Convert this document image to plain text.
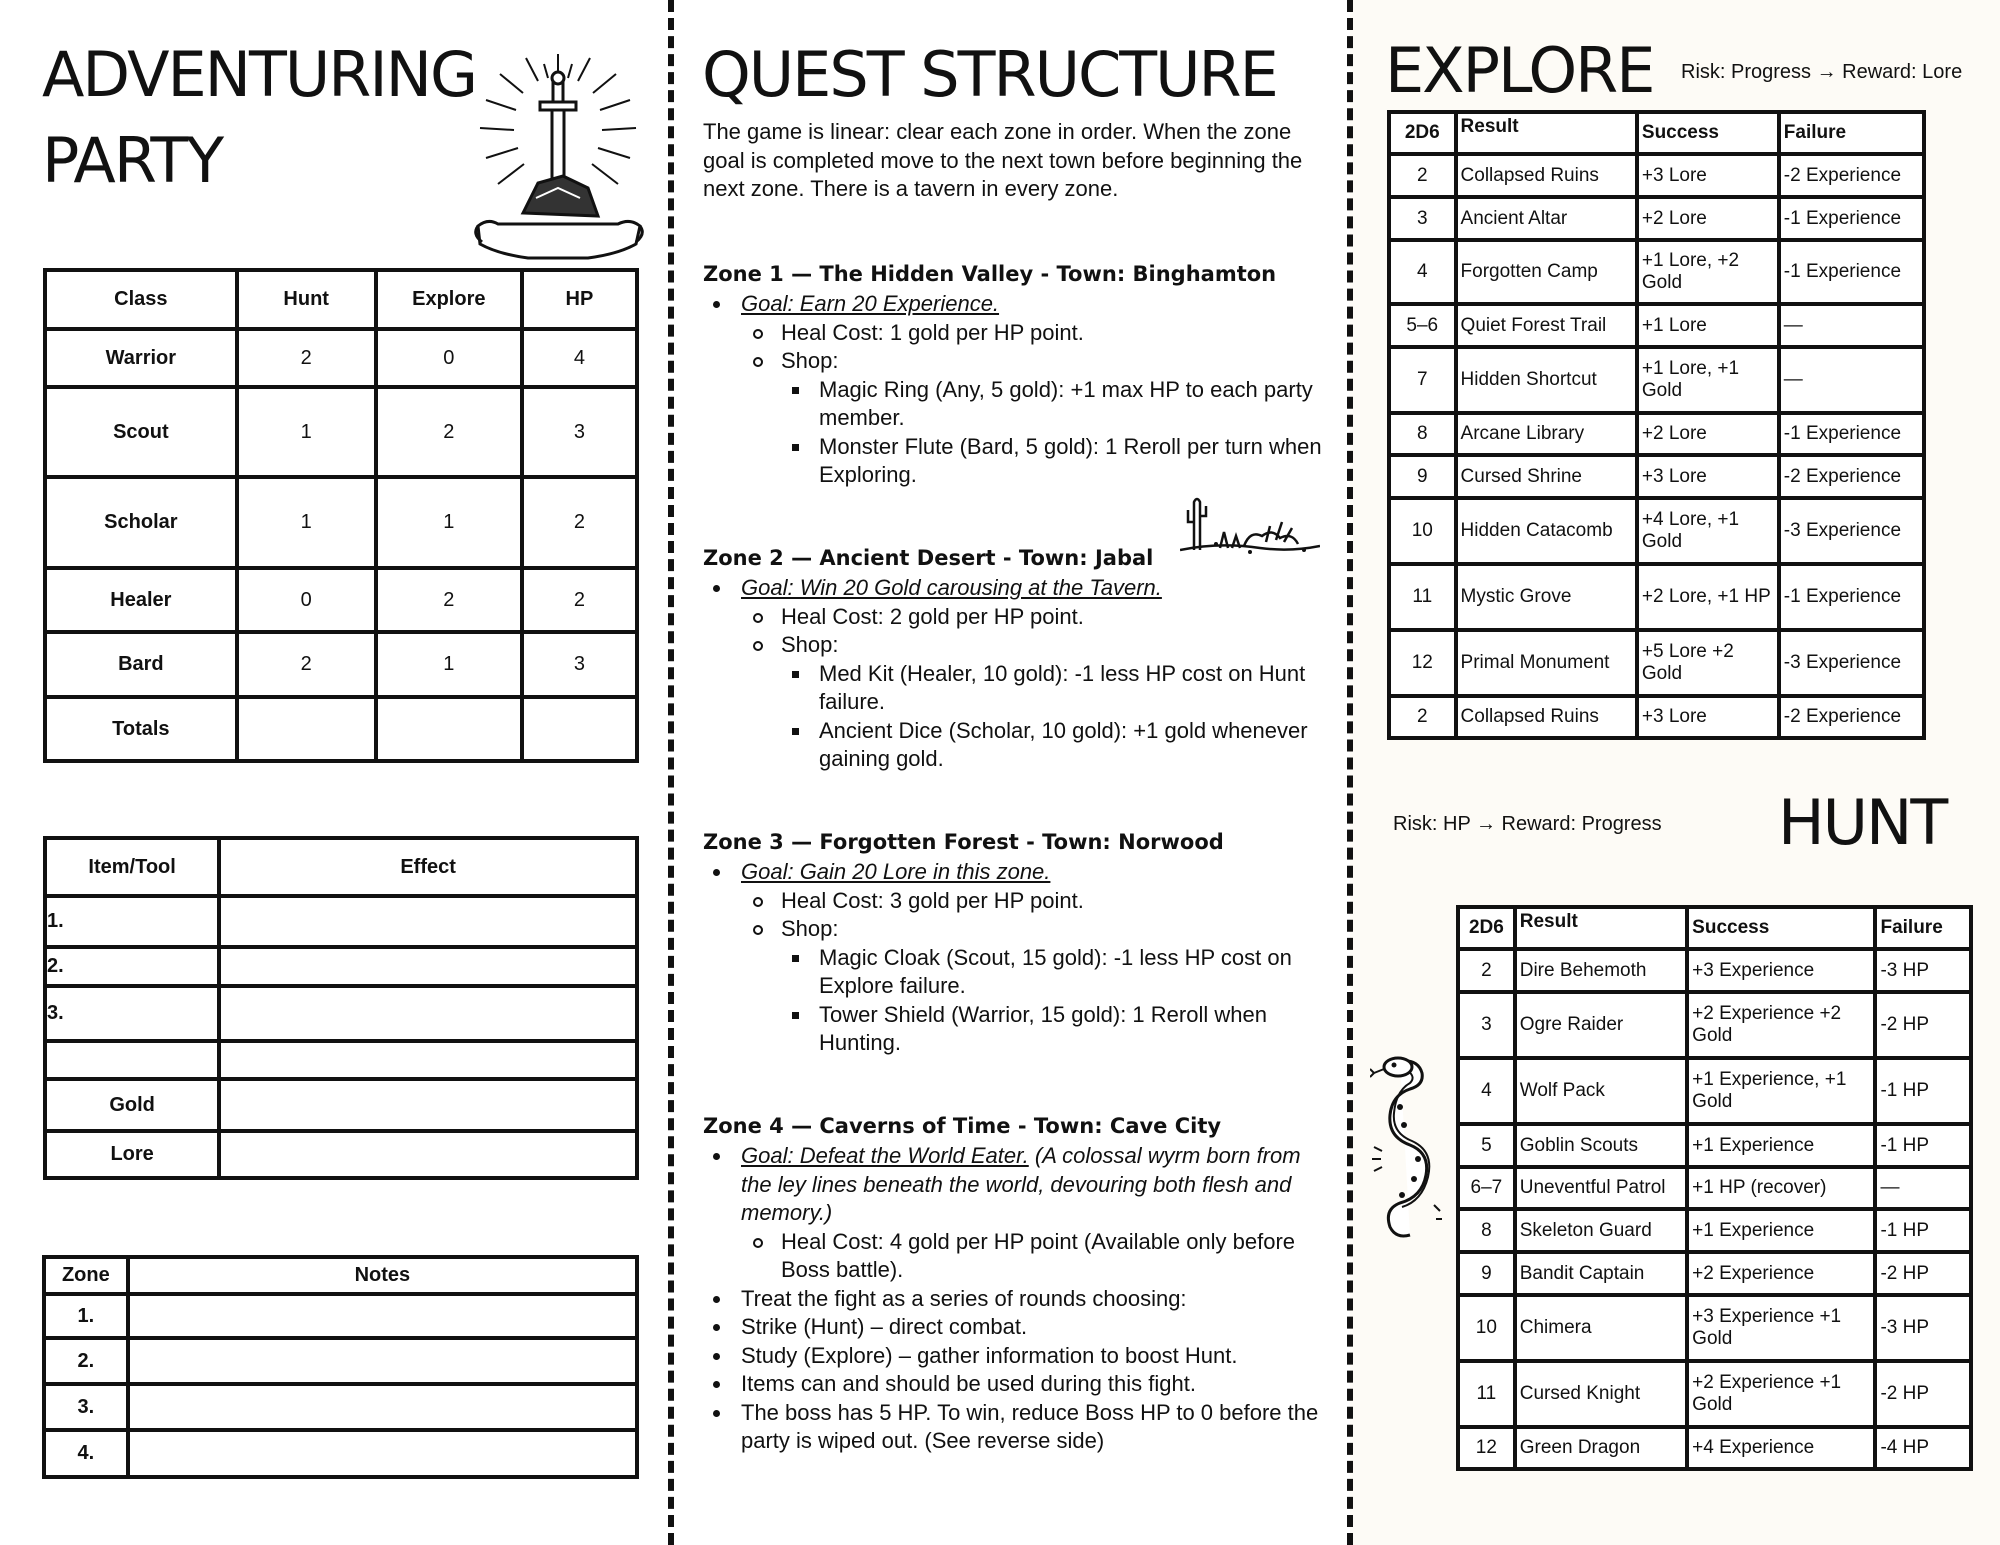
ADVENTURING
PARTY
Class	Hunt	Explore	HP
Warrior	2	0	4
Scout	1	2	3
Scholar	1	1	2
Healer	0	2	2
Bard	2	1	3
Totals			
Item/Tool	Effect
1.	
2.	
3.	

Gold	
Lore	
Zone	Notes
1.	
2.	
3.	
4.	
QUEST STRUCTURE

The game is linear: clear each zone in order. When the zone goal is completed move to the next town before beginning the next zone. There is a tavern in every zone.

Zone 1 — The Hidden Valley - Town: Binghamton

Goal: Earn 20 Experience.
Heal Cost: 1 gold per HP point.
Shop:
Magic Ring (Any, 5 gold): +1 max HP to each party member.
Monster Flute (Bard, 5 gold): 1 Reroll per turn when Exploring.

Zone 2 — Ancient Desert - Town: Jabal

Goal: Win 20 Gold carousing at the Tavern.
Heal Cost: 2 gold per HP point.
Shop:
Med Kit (Healer, 10 gold): -1 less HP cost on Hunt failure.
Ancient Dice (Scholar, 10 gold): +1 gold whenever gaining gold.

Zone 3 — Forgotten Forest - Town: Norwood

Goal: Gain 20 Lore in this zone.
Heal Cost: 3 gold per HP point.
Shop:
Magic Cloak (Scout, 15 gold): -1 less HP cost on Explore failure.
Tower Shield (Warrior, 15 gold): 1 Reroll when Hunting.

Zone 4 — Caverns of Time - Town: Cave City

Goal: Defeat the World Eater. (A colossal wyrm born from the ley lines beneath the world, devouring both flesh and memory.)
Heal Cost: 4 gold per HP point (Available only before Boss battle).
Treat the fight as a series of rounds choosing:
Strike (Hunt) – direct combat.
Study (Explore) – gather information to boost Hunt.
Items can and should be used during this fight.
The boss has 5 HP. To win, reduce Boss HP to 0 before the party is wiped out. (See reverse side)
EXPLORE Risk: Progress → Reward: Lore

2D6	Result	Success	Failure
2	Collapsed Ruins	+3 Lore	-2 Experience
3	Ancient Altar	+2 Lore	-1 Experience
4	Forgotten Camp	+1 Lore, +2 Gold	-1 Experience
5–6	Quiet Forest Trail	+1 Lore	—
7	Hidden Shortcut	+1 Lore, +1 Gold	—
8	Arcane Library	+2 Lore	-1 Experience
9	Cursed Shrine	+3 Lore	-2 Experience
10	Hidden Catacomb	+4 Lore, +1 Gold	-3 Experience
11	Mystic Grove	+2 Lore, +1 HP	-1 Experience
12	Primal Monument	+5 Lore +2 Gold	-3 Experience
2	Collapsed Ruins	+3 Lore	-2 Experience

Risk: HP → Reward: Progress HUNT
2D6	Result	Success	Failure
2	Dire Behemoth	+3 Experience	-3 HP
3	Ogre Raider	+2 Experience +2 Gold	-2 HP
4	Wolf Pack	+1 Experience, +1 Gold	-1 HP
5	Goblin Scouts	+1 Experience	-1 HP
6–7	Uneventful Patrol	+1 HP (recover)	—
8	Skeleton Guard	+1 Experience	-1 HP
9	Bandit Captain	+2 Experience	-2 HP
10	Chimera	+3 Experience +1 Gold	-3 HP
11	Cursed Knight	+2 Experience +1 Gold	-2 HP
12	Green Dragon	+4 Experience	-4 HP
